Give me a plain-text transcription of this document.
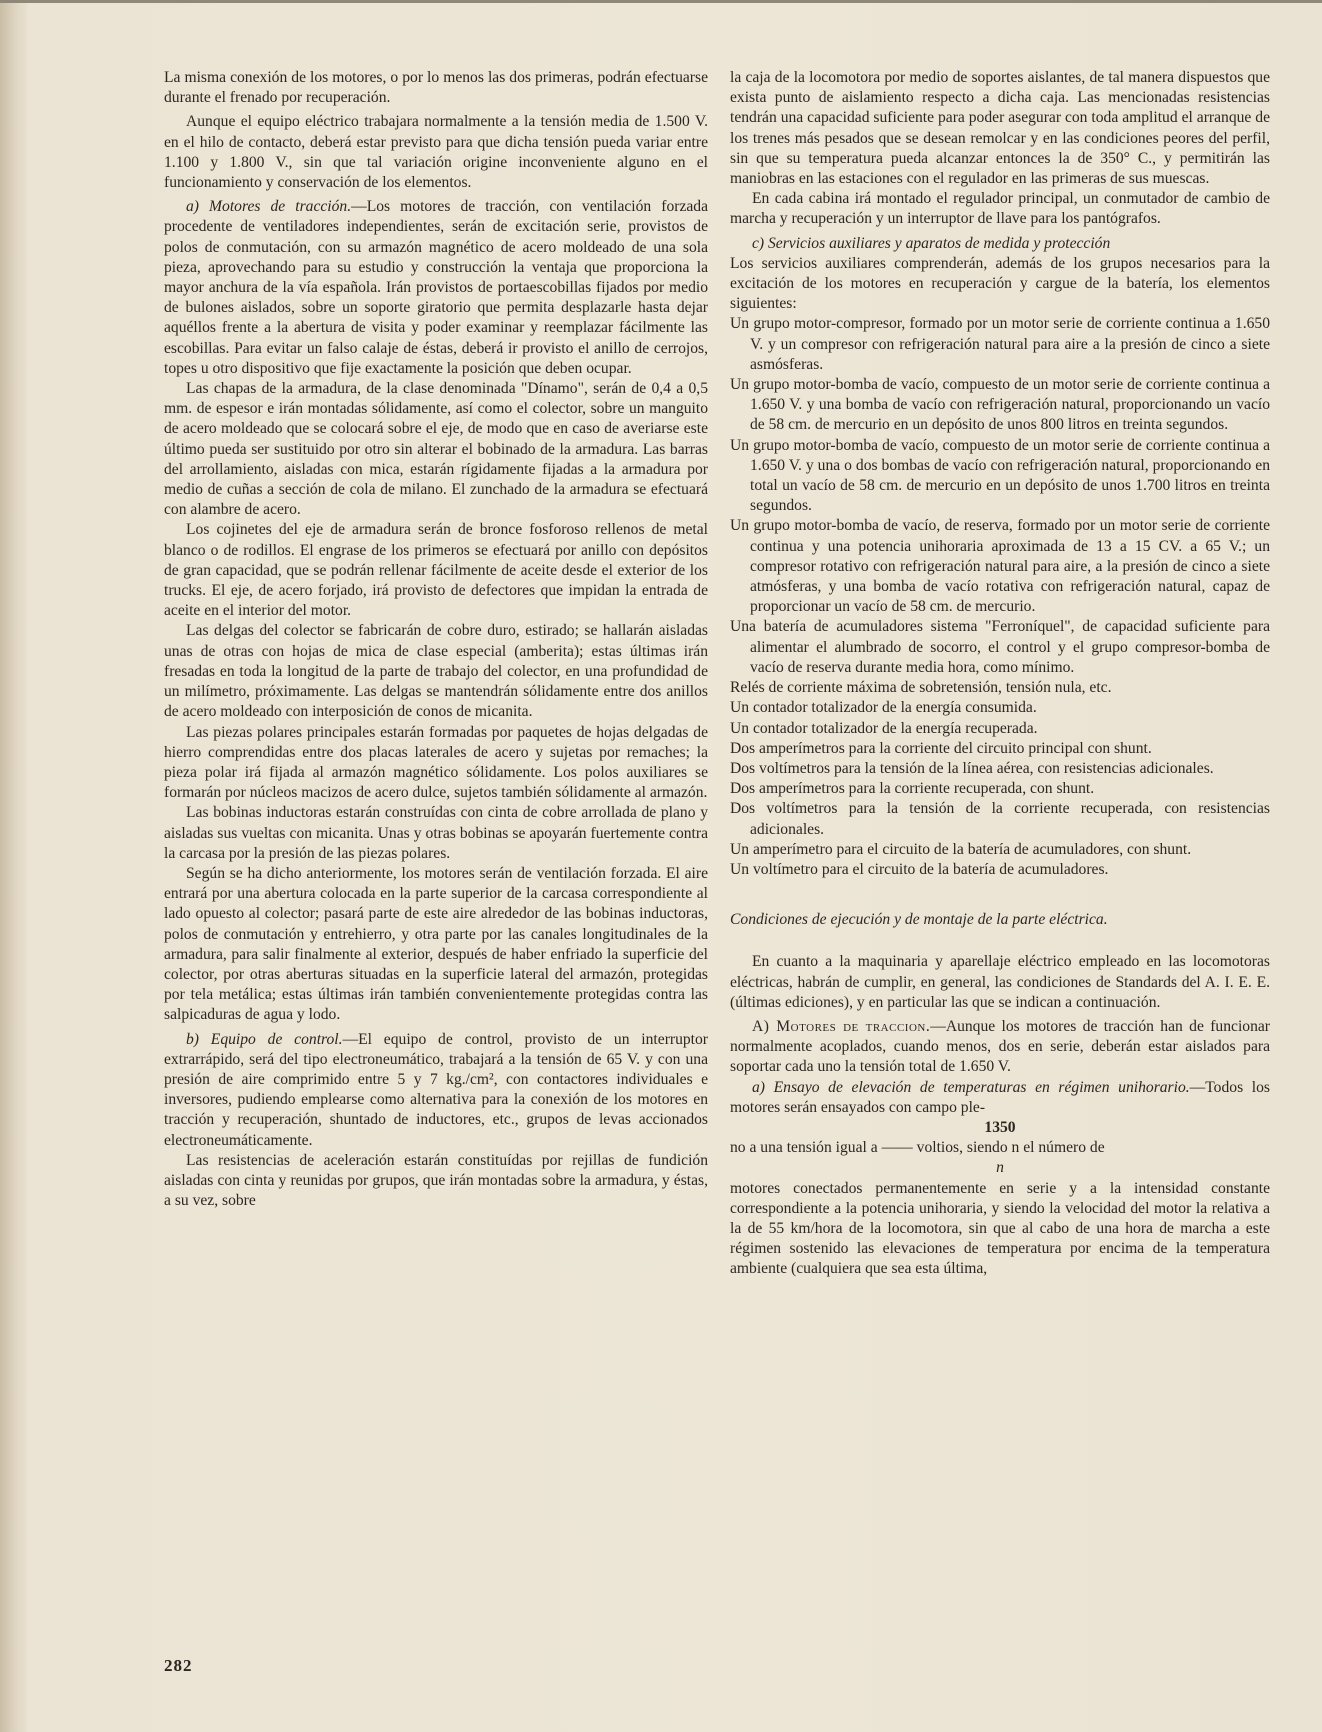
La misma conexión de los motores, o por lo menos las dos primeras, podrán efectuarse durante el frenado por recuperación.

Aunque el equipo eléctrico trabajara normalmente a la tensión media de 1.500 V. en el hilo de contacto, deberá estar previsto para que dicha tensión pueda variar entre 1.100 y 1.800 V., sin que tal variación origine inconveniente alguno en el funcionamiento y conservación de los elementos.

a) Motores de tracción.—Los motores de tracción, con ventilación forzada procedente de ventiladores independientes, serán de excitación serie, provistos de polos de conmutación, con su armazón magnético de acero moldeado de una sola pieza, aprovechando para su estudio y construcción la ventaja que proporciona la mayor anchura de la vía española. Irán provistos de portaescobillas fijados por medio de bulones aislados, sobre un soporte giratorio que permita desplazarle hasta dejar aquéllos frente a la abertura de visita y poder examinar y reemplazar fácilmente las escobillas. Para evitar un falso calaje de éstas, deberá ir provisto el anillo de cerrojos, topes u otro dispositivo que fije exactamente la posición que deben ocupar.

Las chapas de la armadura, de la clase denominada "Dínamo", serán de 0,4 a 0,5 mm. de espesor e irán montadas sólidamente, así como el colector, sobre un manguito de acero moldeado que se colocará sobre el eje, de modo que en caso de averiarse este último pueda ser sustituido por otro sin alterar el bobinado de la armadura. Las barras del arrollamiento, aisladas con mica, estarán rígidamente fijadas a la armadura por medio de cuñas a sección de cola de milano. El zunchado de la armadura se efectuará con alambre de acero.

Los cojinetes del eje de armadura serán de bronce fosforoso rellenos de metal blanco o de rodillos. El engrase de los primeros se efectuará por anillo con depósitos de gran capacidad, que se podrán rellenar fácilmente de aceite desde el exterior de los trucks. El eje, de acero forjado, irá provisto de defectores que impidan la entrada de aceite en el interior del motor.

Las delgas del colector se fabricarán de cobre duro, estirado; se hallarán aisladas unas de otras con hojas de mica de clase especial (amberita); estas últimas irán fresadas en toda la longitud de la parte de trabajo del colector, en una profundidad de un milímetro, próximamente. Las delgas se mantendrán sólidamente entre dos anillos de acero moldeado con interposición de conos de micanita.

Las piezas polares principales estarán formadas por paquetes de hojas delgadas de hierro comprendidas entre dos placas laterales de acero y sujetas por remaches; la pieza polar irá fijada al armazón magnético sólidamente. Los polos auxiliares se formarán por núcleos macizos de acero dulce, sujetos también sólidamente al armazón.

Las bobinas inductoras estarán construídas con cinta de cobre arrollada de plano y aisladas sus vueltas con micanita. Unas y otras bobinas se apoyarán fuertemente contra la carcasa por la presión de las piezas polares.

Según se ha dicho anteriormente, los motores serán de ventilación forzada. El aire entrará por una abertura colocada en la parte superior de la carcasa correspondiente al lado opuesto al colector; pasará parte de este aire alrededor de las bobinas inductoras, polos de conmutación y entrehierro, y otra parte por las canales longitudinales de la armadura, para salir finalmente al exterior, después de haber enfriado la superficie del colector, por otras aberturas situadas en la superficie lateral del armazón, protegidas por tela metálica; estas últimas irán también convenientemente protegidas contra las salpicaduras de agua y lodo.

b) Equipo de control.—El equipo de control, provisto de un interruptor extrarrápido, será del tipo electroneumático, trabajará a la tensión de 65 V. y con una presión de aire comprimido entre 5 y 7 kg./cm², con contactores individuales e inversores, pudiendo emplearse como alternativa para la conexión de los motores en tracción y recuperación, shuntado de inductores, etc., grupos de levas accionados electroneumáticamente.

Las resistencias de aceleración estarán constituídas por rejillas de fundición aisladas con cinta y reunidas por grupos, que irán montadas sobre la armadura, y éstas, a su vez, sobre

la caja de la locomotora por medio de soportes aislantes, de tal manera dispuestos que exista punto de aislamiento respecto a dicha caja. Las mencionadas resistencias tendrán una capacidad suficiente para poder asegurar con toda amplitud el arranque de los trenes más pesados que se desean remolcar y en las condiciones peores del perfil, sin que su temperatura pueda alcanzar entonces la de 350° C., y permitirán las maniobras en las estaciones con el regulador en las primeras de sus muescas.

En cada cabina irá montado el regulador principal, un conmutador de cambio de marcha y recuperación y un interruptor de llave para los pantógrafos.

c) Servicios auxiliares y aparatos de medida y protección

Los servicios auxiliares comprenderán, además de los grupos necesarios para la excitación de los motores en recuperación y cargue de la batería, los elementos siguientes:

Un grupo motor-compresor, formado por un motor serie de corriente continua a 1.650 V. y un compresor con refrigeración natural para aire a la presión de cinco a siete asmósferas.

Un grupo motor-bomba de vacío, compuesto de un motor serie de corriente continua a 1.650 V. y una bomba de vacío con refrigeración natural, proporcionando un vacío de 58 cm. de mercurio en un depósito de unos 800 litros en treinta segundos.

Un grupo motor-bomba de vacío, compuesto de un motor serie de corriente continua a 1.650 V. y una o dos bombas de vacío con refrigeración natural, proporcionando en total un vacío de 58 cm. de mercurio en un depósito de unos 1.700 litros en treinta segundos.

Un grupo motor-bomba de vacío, de reserva, formado por un motor serie de corriente continua y una potencia unihoraria aproximada de 13 a 15 CV. a 65 V.; un compresor rotativo con refrigeración natural para aire, a la presión de cinco a siete atmósferas, y una bomba de vacío rotativa con refrigeración natural, capaz de proporcionar un vacío de 58 cm. de mercurio.

Una batería de acumuladores sistema "Ferroníquel", de capacidad suficiente para alimentar el alumbrado de socorro, el control y el grupo compresor-bomba de vacío de reserva durante media hora, como mínimo.

Relés de corriente máxima de sobretensión, tensión nula, etc.

Un contador totalizador de la energía consumida.

Un contador totalizador de la energía recuperada.

Dos amperímetros para la corriente del circuito principal con shunt.

Dos voltímetros para la tensión de la línea aérea, con resistencias adicionales.

Dos amperímetros para la corriente recuperada, con shunt.

Dos voltímetros para la tensión de la corriente recuperada, con resistencias adicionales.

Un amperímetro para el circuito de la batería de acumuladores, con shunt.

Un voltímetro para el circuito de la batería de acumuladores.

Condiciones de ejecución y de montaje de la parte eléctrica.

En cuanto a la maquinaria y aparellaje eléctrico empleado en las locomotoras eléctricas, habrán de cumplir, en general, las condiciones de Standards del A. I. E. E. (últimas ediciones), y en particular las que se indican a continuación.

A) Motores de traccion.—Aunque los motores de tracción han de funcionar normalmente acoplados, cuando menos, dos en serie, deberán estar aislados para soportar cada uno la tensión total de 1.650 V.

a) Ensayo de elevación de temperaturas en régimen unihorario.—Todos los motores serán ensayados con campo ple-

1350

no a una tensión igual a —— voltios, siendo n el número de

n

motores conectados permanentemente en serie y a la intensidad constante correspondiente a la potencia unihoraria, y siendo la velocidad del motor la relativa a la de 55 km/hora de la locomotora, sin que al cabo de una hora de marcha a este régimen sostenido las elevaciones de temperatura por encima de la temperatura ambiente (cualquiera que sea esta última,

282
